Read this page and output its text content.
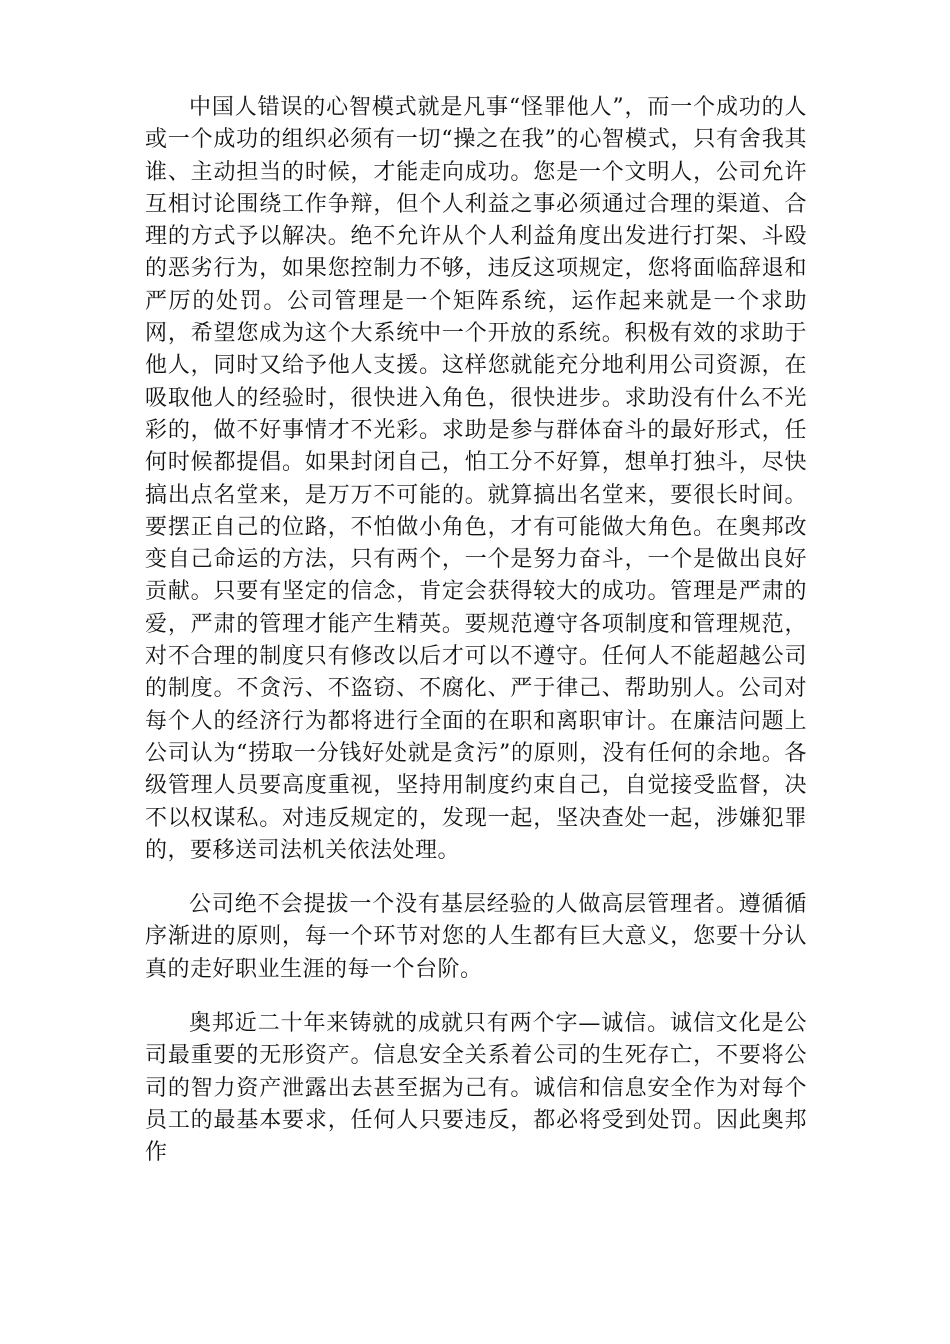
中国人错误的心智模式就是凡事“怪罪他人”，而一个成功的人或一个成功的组织必须有一切“操之在我”的心智模式，只有舍我其谁、主动担当的时候，才能走向成功。您是一个文明人，公司允许互相讨论围绕工作争辩，但个人利益之事必须通过合理的渠道、合理的方式予以解决。绝不允许从个人利益角度出发进行打架、斗殴的恶劣行为，如果您控制力不够，违反这项规定，您将面临辞退和严厉的处罚。公司管理是一个矩阵系统，运作起来就是一个求助网，希望您成为这个大系统中一个开放的系统。积极有效的求助于他人，同时又给予他人支援。这样您就能充分地利用公司资源，在吸取他人的经验时，很快进入角色，很快进步。求助没有什么不光彩的，做不好事情才不光彩。求助是参与群体奋斗的最好形式，任何时候都提倡。如果封闭自己，怕工分不好算，想单打独斗，尽快搞出点名堂来，是万万不可能的。就算搞出名堂来，要很长时间。要摆正自己的位路，不怕做小角色，才有可能做大角色。在奥邦改变自己命运的方法，只有两个，一个是努力奋斗，一个是做出良好贡献。只要有坚定的信念，肯定会获得较大的成功。管理是严肃的爱，严肃的管理才能产生精英。要规范遵守各项制度和管理规范，对不合理的制度只有修改以后才可以不遵守。任何人不能超越公司的制度。不贪污、不盗窃、不腐化、严于律己、帮助别人。公司对每个人的经济行为都将进行全面的在职和离职审计。在廉洁问题上公司认为“捞取一分钱好处就是贪污”的原则，没有任何的余地。各级管理人员要高度重视，坚持用制度约束自己，自觉接受监督，决不以权谋私。对违反规定的，发现一起，坚决查处一起，涉嫌犯罪的，要移送司法机关依法处理。

公司绝不会提拔一个没有基层经验的人做高层管理者。遵循循序渐进的原则，每一个环节对您的人生都有巨大意义，您要十分认真的走好职业生涯的每一个台阶。

奥邦近二十年来铸就的成就只有两个字—诚信。诚信文化是公司最重要的无形资产。信息安全关系着公司的生死存亡，不要将公司的智力资产泄露出去甚至据为己有。诚信和信息安全作为对每个员工的最基本要求，任何人只要违反，都必将受到处罚。因此奥邦作
